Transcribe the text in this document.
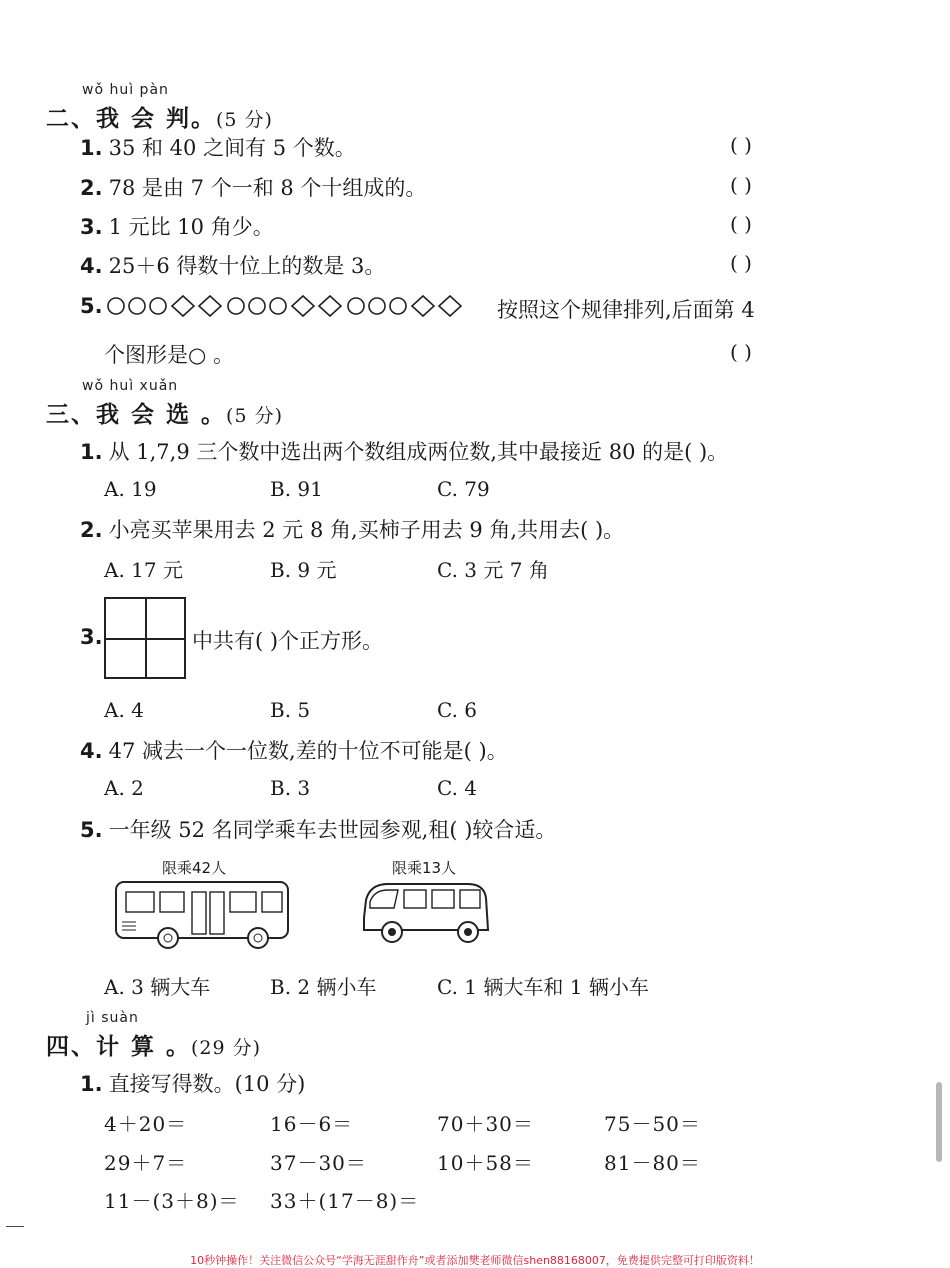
wǒ huì pàn
二、我 会 判。(5 分)
1. 35 和 40 之间有 5 个数。	( )
2. 78 是由 7 个一和 8 个十组成的。	( )
3. 1 元比 10 角少。	( )
4. 25＋6 得数十位上的数是 3。	( )
5.	按照这个规律排列,后面第 4
个图形是○ 。	( )
wǒ huì xuǎn
三、我 会 选 。(5 分)
1. 从 1,7,9 三个数中选出两个数组成两位数,其中最接近 80 的是( )。
A. 19	B. 91	C. 79
2. 小亮买苹果用去 2 元 8 角,买柿子用去 9 角,共用去( )。
A. 17 元	B. 9 元	C. 3 元 7 角
3.	中共有( )个正方形。
A. 4	B. 5	C. 6
4. 47 减去一个一位数,差的十位不可能是( )。
A. 2	B. 3	C. 4
5. 一年级 52 名同学乘车去世园参观,租( )较合适。
限乘42人	限乘13人
A. 3 辆大车	B. 2 辆小车	C. 1 辆大车和 1 辆小车
jì suàn
四、计 算 。(29 分)
1. 直接写得数。(10 分)
4＋20＝	16－6＝	70＋30＝	75－50＝
29＋7＝	37－30＝	10＋58＝	81－80＝
11－(3＋8)＝ 33＋(17－8)＝
10秒钟操作！关注微信公众号“学海无涯甜作舟”或者添加樊老师微信shen88168007，免费提供完整可打印版资料！
